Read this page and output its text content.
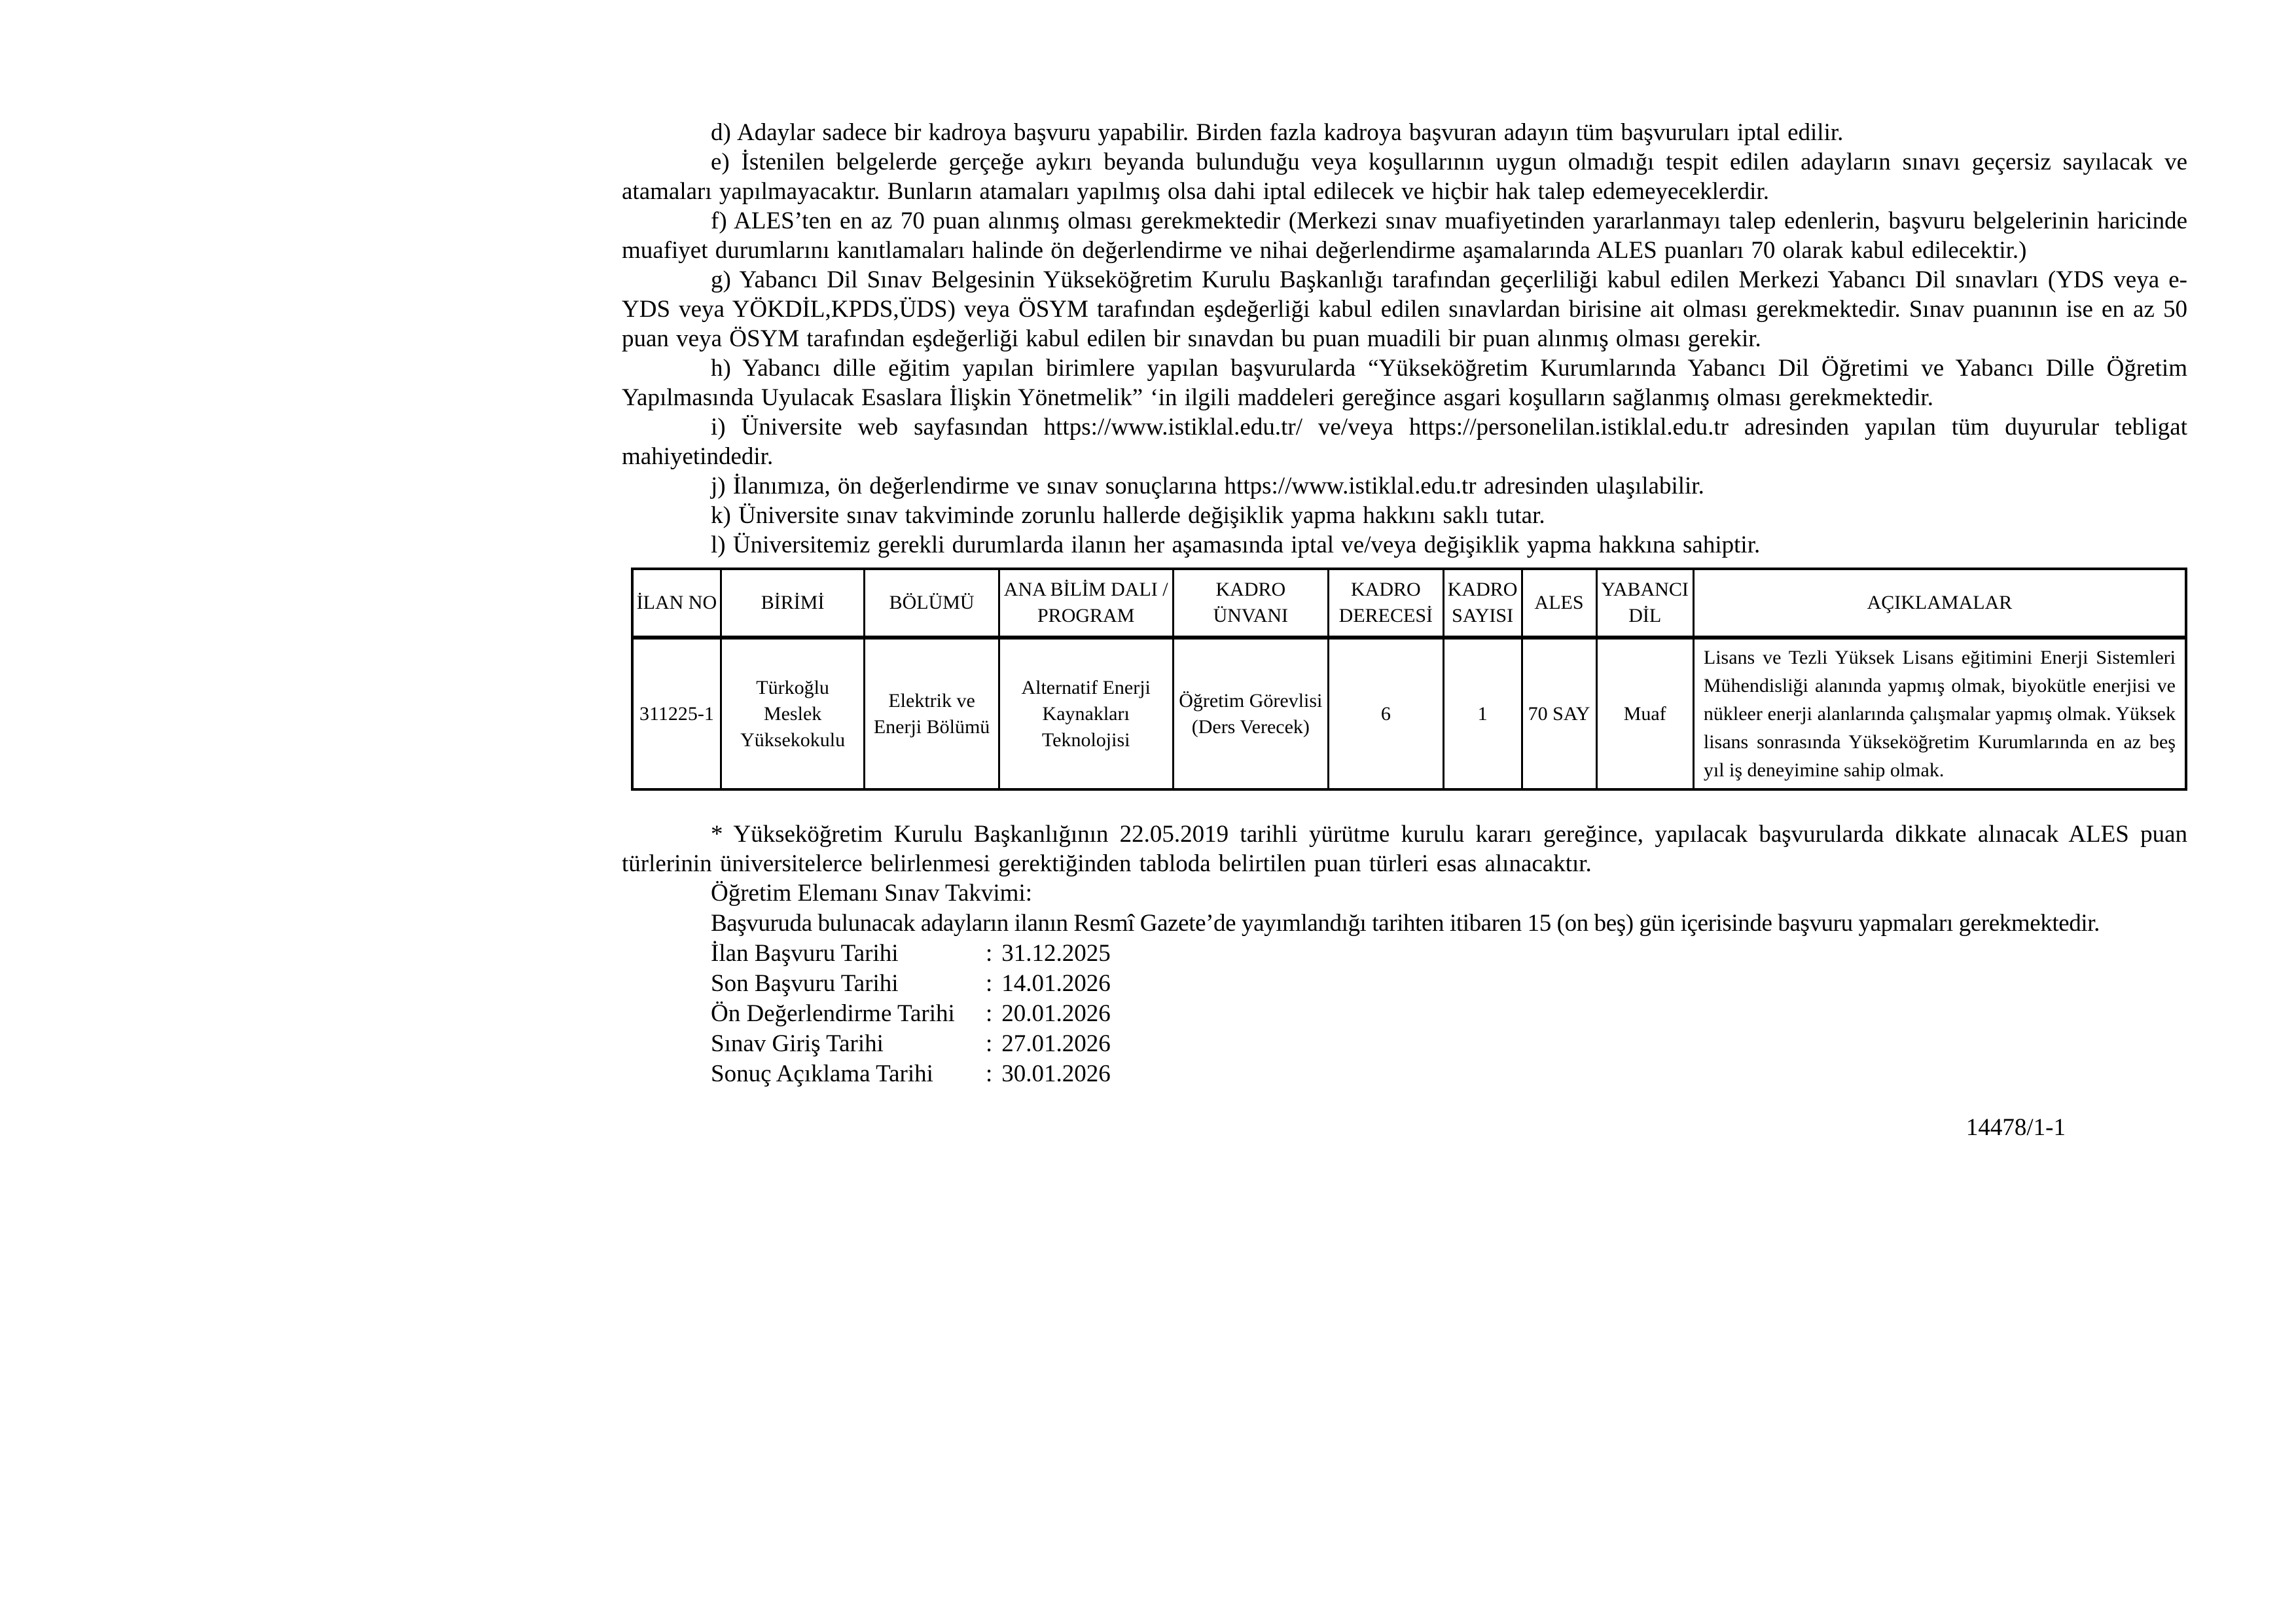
d) Adaylar sadece bir kadroya başvuru yapabilir. Birden fazla kadroya başvuran adayın tüm başvuruları iptal edilir.

e) İstenilen belgelerde gerçeğe aykırı beyanda bulunduğu veya koşullarının uygun olmadığı tespit edilen adayların sınavı geçersiz sayılacak ve atamaları yapılmayacaktır. Bunların atamaları yapılmış olsa dahi iptal edilecek ve hiçbir hak talep edemeyeceklerdir.

f) ALES’ten en az 70 puan alınmış olması gerekmektedir (Merkezi sınav muafiyetinden yararlanmayı talep edenlerin, başvuru belgelerinin haricinde muafiyet durumlarını kanıtlamaları halinde ön değerlendirme ve nihai değerlendirme aşamalarında ALES puanları 70 olarak kabul edilecektir.)

g) Yabancı Dil Sınav Belgesinin Yükseköğretim Kurulu Başkanlığı tarafından geçerliliği kabul edilen Merkezi Yabancı Dil sınavları (YDS veya e- YDS veya YÖKDİL,KPDS,ÜDS) veya ÖSYM tarafından eşdeğerliği kabul edilen sınavlardan birisine ait olması gerekmektedir. Sınav puanının ise en az 50 puan veya ÖSYM tarafından eşdeğerliği kabul edilen bir sınavdan bu puan muadili bir puan alınmış olması gerekir.

h) Yabancı dille eğitim yapılan birimlere yapılan başvurularda “Yükseköğretim Kurumlarında Yabancı Dil Öğretimi ve Yabancı Dille Öğretim Yapılmasında Uyulacak Esaslara İlişkin Yönetmelik” ‘in ilgili maddeleri gereğince asgari koşulların sağlanmış olması gerekmektedir.

i) Üniversite web sayfasından https://www.istiklal.edu.tr/ ve/veya https://personelilan.istiklal.edu.tr adresinden yapılan tüm duyurular tebligat mahiyetindedir.

j) İlanımıza, ön değerlendirme ve sınav sonuçlarına https://www.istiklal.edu.tr adresinden ulaşılabilir.

k) Üniversite sınav takviminde zorunlu hallerde değişiklik yapma hakkını saklı tutar.

l) Üniversitemiz gerekli durumlarda ilanın her aşamasında iptal ve/veya değişiklik yapma hakkına sahiptir.

İLAN NO	BİRİMİ	BÖLÜMÜ	ANA BİLİM DALI / PROGRAM	KADRO ÜNVANI	KADRO DERECESİ	KADRO SAYISI	ALES	YABANCI DİL	AÇIKLAMALAR
311225-1	Türkoğlu Meslek Yüksekokulu	Elektrik ve Enerji Bölümü	Alternatif Enerji Kaynakları Teknolojisi	Öğretim Görevlisi (Ders Verecek)	6	1	70 SAY	Muaf	Lisans ve Tezli Yüksek Lisans eğitimini Enerji Sistemleri Mühendisliği alanında yapmış olmak, biyokütle enerjisi ve nükleer enerji alanlarında çalışmalar yapmış olmak. Yüksek lisans sonrasında Yükseköğretim Kurumlarında en az beş yıl iş deneyimine sahip olmak.

* Yükseköğretim Kurulu Başkanlığının 22.05.2019 tarihli yürütme kurulu kararı gereğince, yapılacak başvurularda dikkate alınacak ALES puan türlerinin üniversitelerce belirlenmesi gerektiğinden tabloda belirtilen puan türleri esas alınacaktır.

Öğretim Elemanı Sınav Takvimi:

Başvuruda bulunacak adayların ilanın Resmî Gazete’de yayımlandığı tarihten itibaren 15 (on beş) gün içerisinde başvuru yapmaları gerekmektedir.

İlan Başvuru Tarihi	: 31.12.2025
Son Başvuru Tarihi	: 14.01.2026
Ön Değerlendirme Tarihi	: 20.01.2026
Sınav Giriş Tarihi	: 27.01.2026
Sonuç Açıklama Tarihi	: 30.01.2026
14478/1-1
